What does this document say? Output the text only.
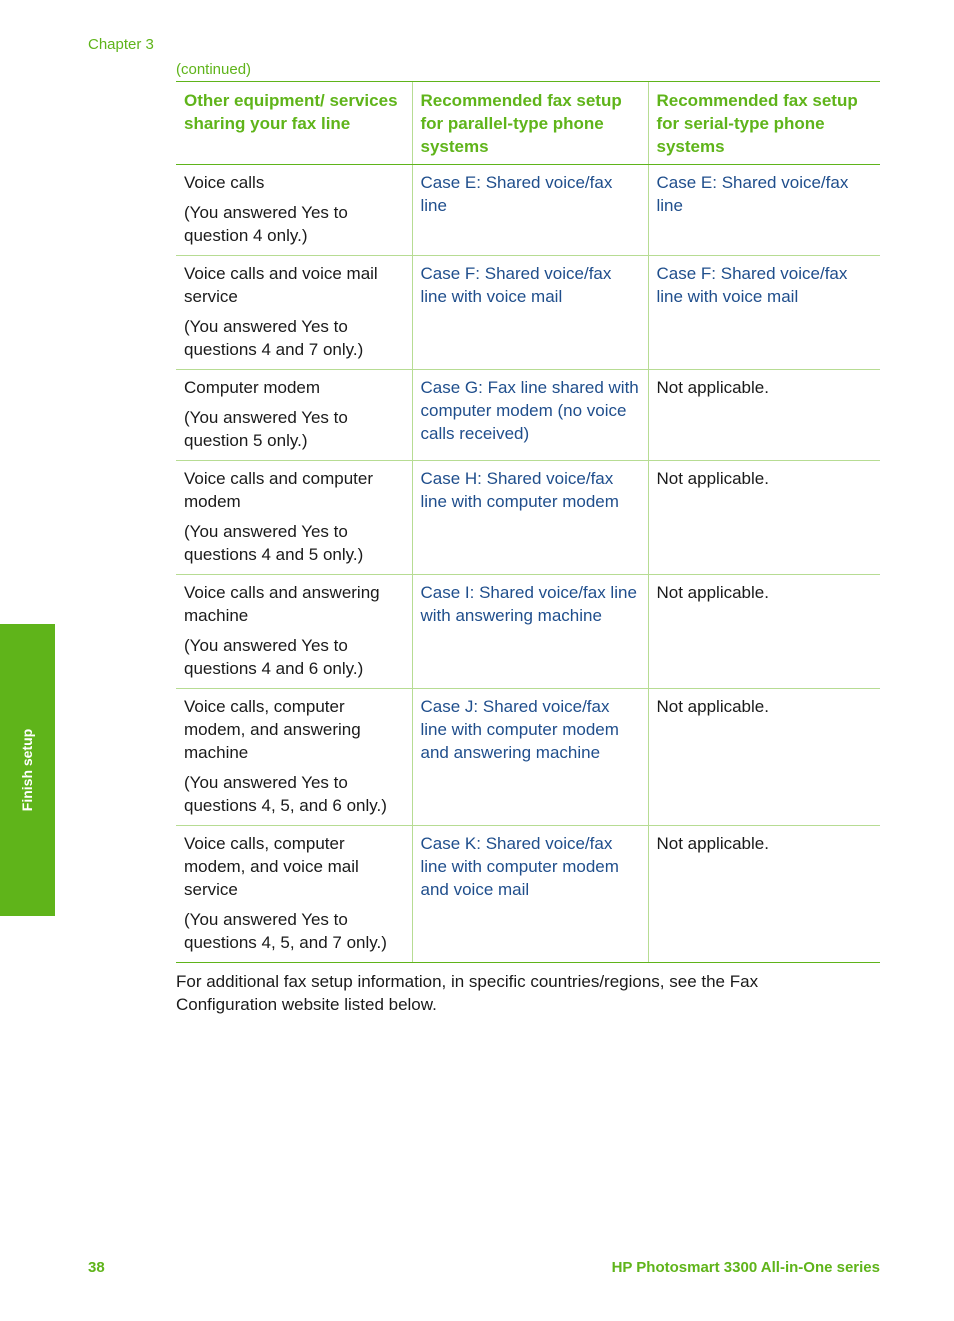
Chapter 3
(continued)
Other equipment/ services sharing your fax line	Recommended fax setup for parallel-type phone systems	Recommended fax setup for serial-type phone systems
Voice calls
(You answered Yes to question 4 only.)	Case E: Shared voice/fax line	Case E: Shared voice/fax line
Voice calls and voice mail service
(You answered Yes to questions 4 and 7 only.)	Case F: Shared voice/fax line with voice mail	Case F: Shared voice/fax line with voice mail
Computer modem
(You answered Yes to question 5 only.)	Case G: Fax line shared with computer modem (no voice calls received)	Not applicable.
Voice calls and computer modem
(You answered Yes to questions 4 and 5 only.)	Case H: Shared voice/fax line with computer modem	Not applicable.
Voice calls and answering machine
(You answered Yes to questions 4 and 6 only.)	Case I: Shared voice/fax line with answering machine	Not applicable.
Voice calls, computer modem, and answering machine
(You answered Yes to questions 4, 5, and 6 only.)	Case J: Shared voice/fax line with computer modem and answering machine	Not applicable.
Voice calls, computer modem, and voice mail service
(You answered Yes to questions 4, 5, and 7 only.)	Case K: Shared voice/fax line with computer modem and voice mail	Not applicable.
For additional fax setup information, in specific countries/regions, see the Fax Configuration website listed below.
Finish setup
38	HP Photosmart 3300 All-in-One series
